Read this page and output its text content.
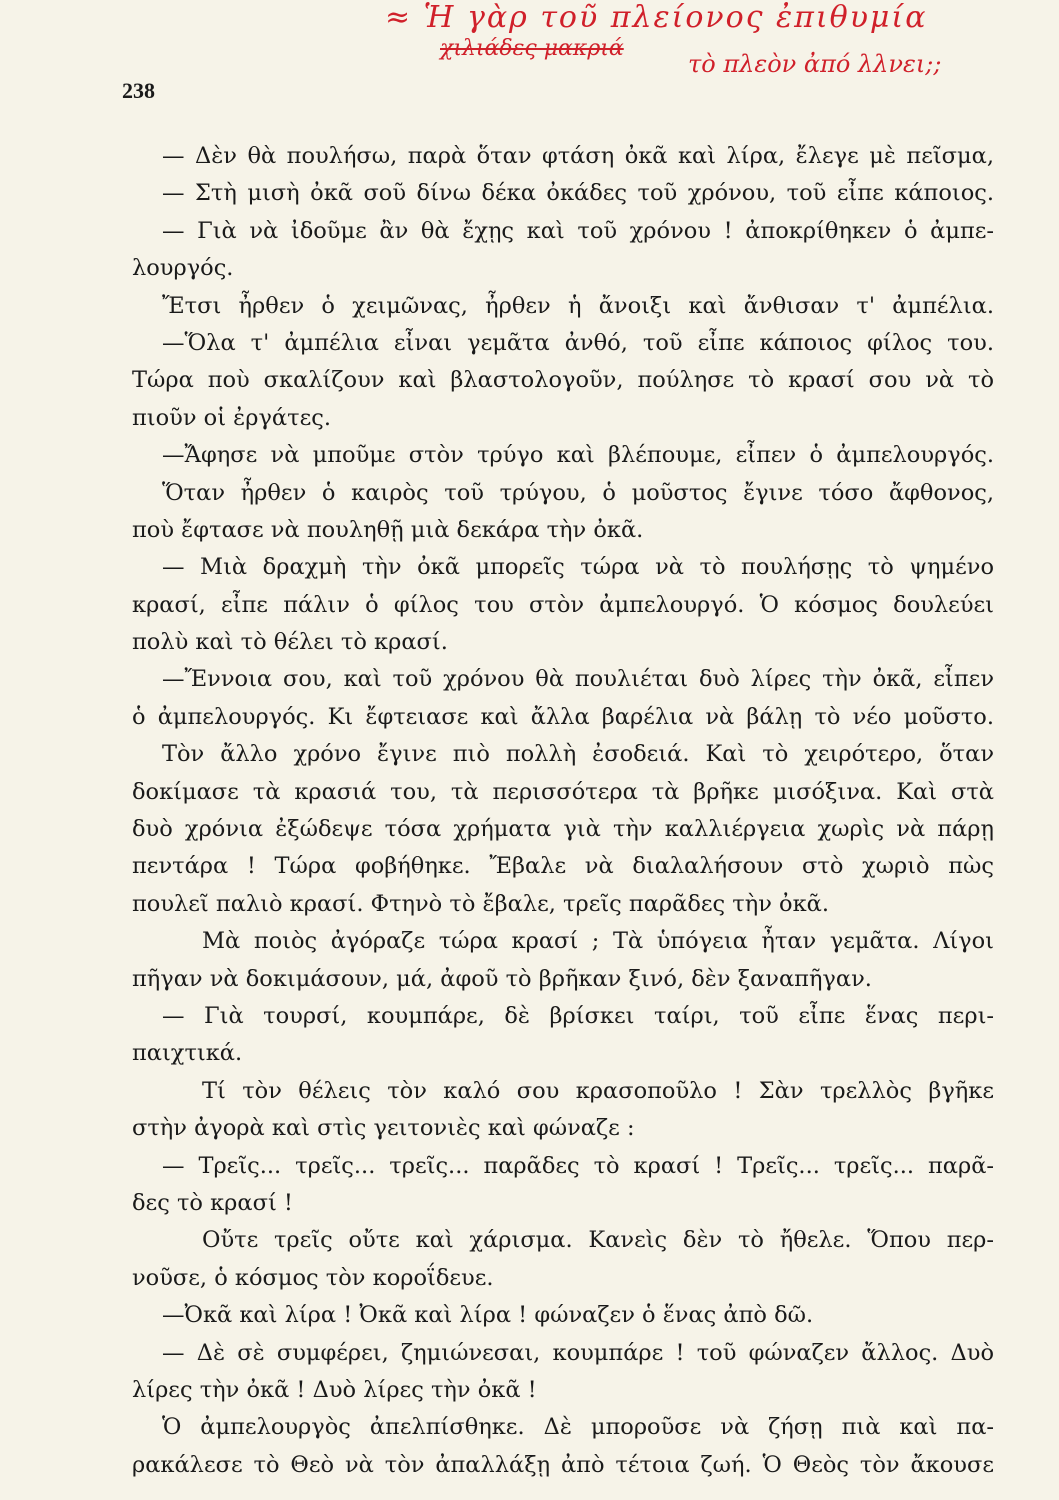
≈ Ἡ γὰρ τοῦ πλείονος ἐπιθυμία
χιλιάδες μακριά
τὸ πλεὸν ἀπό λλνει;;
238
— Δὲν θὰ πουλήσω, παρὰ ὅταν φτάση ὀκᾶ καὶ λίρα, ἔλεγε μὲ πεῖσμα,
— Στὴ μισὴ ὀκᾶ σοῦ δίνω δέκα ὀκάδες τοῦ χρόνου, τοῦ εἶπε κάποιος.
— Γιὰ νὰ ἰδοῦμε ἂν θὰ ἔχῃς καὶ τοῦ χρόνου ! ἀποκρίθηκεν ὁ ἀμπε-
λουργός.
Ἔτσι ἦρθεν ὁ χειμῶνας, ἦρθεν ἡ ἄνοιξι καὶ ἄνθισαν τ' ἀμπέλια.
—Ὅλα τ' ἀμπέλια εἶναι γεμᾶτα ἀνθό, τοῦ εἶπε κάποιος φίλος του.
Τώρα ποὺ σκαλίζουν καὶ βλαστολογοῦν, πούλησε τὸ κρασί σου νὰ τὸ
πιοῦν οἱ ἐργάτες.
—Ἄφησε νὰ μποῦμε στὸν τρύγο καὶ βλέπουμε, εἶπεν ὁ ἀμπελουργός.
Ὅταν ἦρθεν ὁ καιρὸς τοῦ τρύγου, ὁ μοῦστος ἔγινε τόσο ἄφθονος,
ποὺ ἔφτασε νὰ πουληθῇ μιὰ δεκάρα τὴν ὀκᾶ.
— Μιὰ δραχμὴ τὴν ὀκᾶ μπορεῖς τώρα νὰ τὸ πουλήσῃς τὸ ψημένο
κρασί, εἶπε πάλιν ὁ φίλος του στὸν ἀμπελουργό. Ὁ κόσμος δουλεύει
πολὺ καὶ τὸ θέλει τὸ κρασί.
—Ἔννοια σου, καὶ τοῦ χρόνου θὰ πουλιέται δυὸ λίρες τὴν ὀκᾶ, εἶπεν
ὁ ἀμπελουργός. Κι ἔφτειασε καὶ ἄλλα βαρέλια νὰ βάλῃ τὸ νέο μοῦστο.
Τὸν ἄλλο χρόνο ἔγινε πιὸ πολλὴ ἐσοδειά. Καὶ τὸ χειρότερο, ὅταν
δοκίμασε τὰ κρασιά του, τὰ περισσότερα τὰ βρῆκε μισόξινα. Καὶ στὰ
δυὸ χρόνια ἐξώδεψε τόσα χρήματα γιὰ τὴν καλλιέργεια χωρὶς νὰ πάρῃ
πεντάρα ! Τώρα φοβήθηκε. Ἔβαλε νὰ διαλαλήσουν στὸ χωριὸ πὼς
πουλεῖ παλιὸ κρασί. Φτηνὸ τὸ ἔβαλε, τρεῖς παρᾶδες τὴν ὀκᾶ.
Μὰ ποιὸς ἀγόραζε τώρα κρασί ; Τὰ ὑπόγεια ἦταν γεμᾶτα. Λίγοι
πῆγαν νὰ δοκιμάσουν, μά, ἀφοῦ τὸ βρῆκαν ξινό, δὲν ξαναπῆγαν.
— Γιὰ τουρσί, κουμπάρε, δὲ βρίσκει ταίρι, τοῦ εἶπε ἕνας περι-
παιχτικά.
Τί τὸν θέλεις τὸν καλό σου κρασοποῦλο ! Σὰν τρελλὸς βγῆκε
στὴν ἀγορὰ καὶ στὶς γειτονιὲς καὶ φώναζε :
— Τρεῖς... τρεῖς... τρεῖς... παρᾶδες τὸ κρασί ! Τρεῖς... τρεῖς... παρᾶ-
δες τὸ κρασί !
Οὔτε τρεῖς οὔτε καὶ χάρισμα. Κανεὶς δὲν τὸ ἤθελε. Ὅπου περ-
νοῦσε, ὁ κόσμος τὸν κοροΐδευε.
—Ὀκᾶ καὶ λίρα ! Ὀκᾶ καὶ λίρα ! φώναζεν ὁ ἕνας ἀπὸ δῶ.
— Δὲ σὲ συμφέρει, ζημιώνεσαι, κουμπάρε ! τοῦ φώναζεν ἄλλος. Δυὸ
λίρες τὴν ὀκᾶ ! Δυὸ λίρες τὴν ὀκᾶ !
Ὁ ἀμπελουργὸς ἀπελπίσθηκε. Δὲ μποροῦσε νὰ ζήσῃ πιὰ καὶ πα-
ρακάλεσε τὸ Θεὸ νὰ τὸν ἀπαλλάξῃ ἀπὸ τέτοια ζωή. Ὁ Θεὸς τὸν ἄκουσε
